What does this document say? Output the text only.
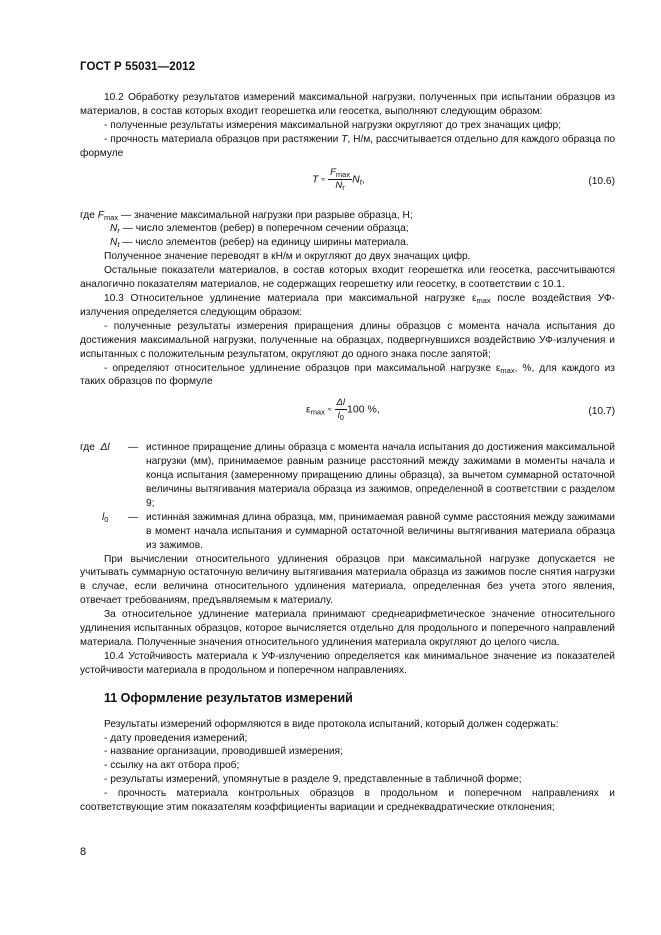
ГОСТ Р 55031—2012

10.2 Обработку результатов измерений максимальной нагрузки, полученных при испытании образцов из материалов, в состав которых входит георешетка или геосетка, выполняют следующим образом:

- полученные результаты измерения максимальной нагрузки округляют до трех значащих цифр;

- прочность материала образцов при растяжении T, Н/м, рассчитывается отдельно для каждого образца по формуле

$T \approx \frac{F_{max}}{N_r} N_t$,	(10.6)

где $F_{max}$ — значение максимальной нагрузки при разрыве образца, Н;

$N_r$ — число элементов (ребер) в поперечном сечении образца;

$N_t$ — число элементов (ребер) на единицу ширины материала.

Полученное значение переводят в кН/м и округляют до двух значащих цифр.

Остальные показатели материалов, в состав которых входит георешетка или геосетка, рассчитываются аналогично показателям материалов, не содержащих георешетку или геосетку, в соответствии с 10.1.

10.3 Относительное удлинение материала при максимальной нагрузке $\varepsilon_{max}$ после воздействия УФ-излучения определяется следующим образом:

- полученные результаты измерения приращения длины образцов с момента начала испытания до достижения максимальной нагрузки, полученные на образцах, подвергнувшихся воздействию УФ-излучения и испытанных с положительным результатом, округляют до одного знака после запятой;

- определяют относительное удлинение образцов при максимальной нагрузке $\varepsilon_{max}$, %, для каждого из таких образцов по формуле

$\varepsilon_{max} \approx \frac{\Delta l}{l_0} 100$ %,	(10.7)
где Δl	— истинное приращение длины образца с момента начала испытания до достижения максимальной нагрузки (мм), принимаемое равным разнице расстояний между зажимами в моменты начала и конца испытания (замеренному приращению длины образца), за вычетом суммарной остаточной величины вытягивания материала образца из зажимов, определенной в соответствии с разделом 9;
$l_0$	— истинная зажимная длина образца, мм, принимаемая равной сумме расстояния между зажимами в момент начала испытания и суммарной остаточной величины вытягивания материала образца из зажимов.

При вычислении относительного удлинения образцов при максимальной нагрузке допускается не учитывать суммарную остаточную величину вытягивания материала образца из зажимов после снятия нагрузки в случае, если величина относительного удлинения материала, определенная без учета этого явления, отвечает требованиям, предъявляемым к материалу.

За относительное удлинение материала принимают среднеарифметическое значение относительного удлинения испытанных образцов, которое вычисляется отдельно для продольного и поперечного направлений материала. Полученные значения относительного удлинения материала округляют до целого числа.

10.4 Устойчивость материала к УФ-излучению определяется как минимальное значение из показателей устойчивости материала в продольном и поперечном направлениях.

11 Оформление результатов измерений

Результаты измерений оформляются в виде протокола испытаний, который должен содержать:

- дату проведения измерений;

- название организации, проводившей измерения;

- ссылку на акт отбора проб;

- результаты измерений, упомянутые в разделе 9, представленные в табличной форме;

- прочность материала контрольных образцов в продольном и поперечном направлениях и соответствующие этим показателям коэффициенты вариации и среднеквадратические отклонения;

8
